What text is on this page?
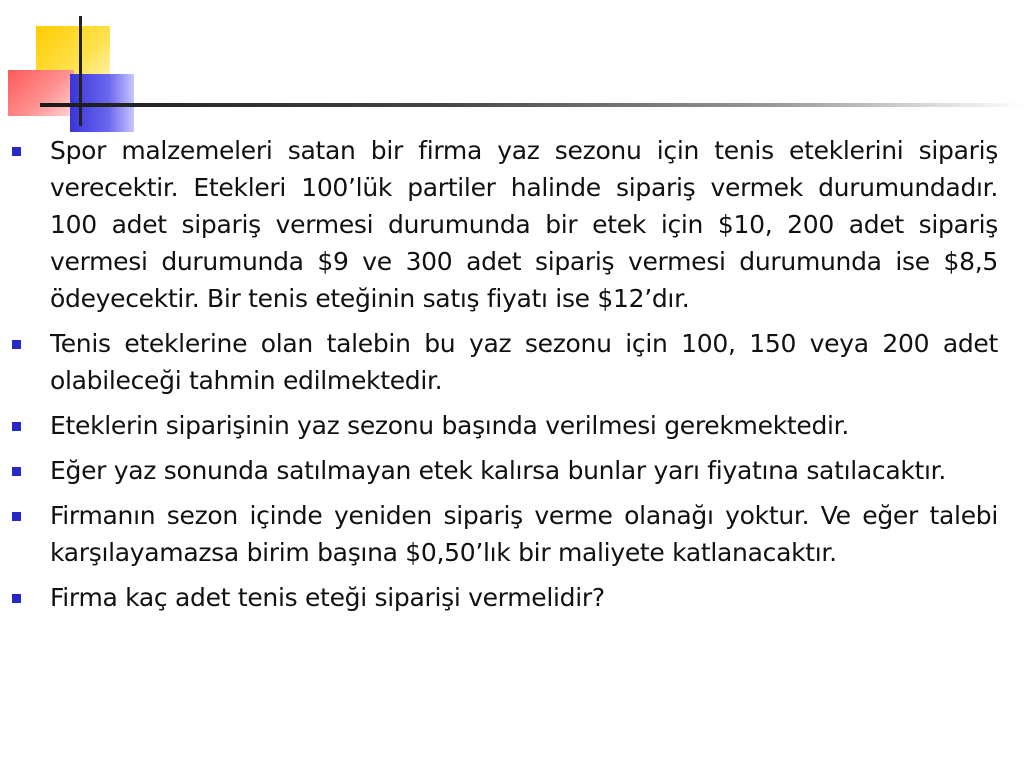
Spor malzemeleri satan bir firma yaz sezonu için tenis eteklerini sipariş verecektir. Etekleri 100’lük partiler halinde sipariş vermek durumundadır. 100 adet sipariş vermesi durumunda bir etek için $10, 200 adet sipariş vermesi durumunda $9 ve 300 adet sipariş vermesi durumunda ise $8,5 ödeyecektir. Bir tenis eteğinin satış fiyatı ise $12’dır.
Tenis eteklerine olan talebin bu yaz sezonu için 100, 150 veya 200 adet olabileceği tahmin edilmektedir.
Eteklerin siparişinin yaz sezonu başında verilmesi gerekmektedir.
Eğer yaz sonunda satılmayan etek kalırsa bunlar yarı fiyatına satılacaktır.
Firmanın sezon içinde yeniden sipariş verme olanağı yoktur. Ve eğer talebi karşılayamazsa birim başına $0,50’lık bir maliyete katlanacaktır.
Firma kaç adet tenis eteği siparişi vermelidir?
